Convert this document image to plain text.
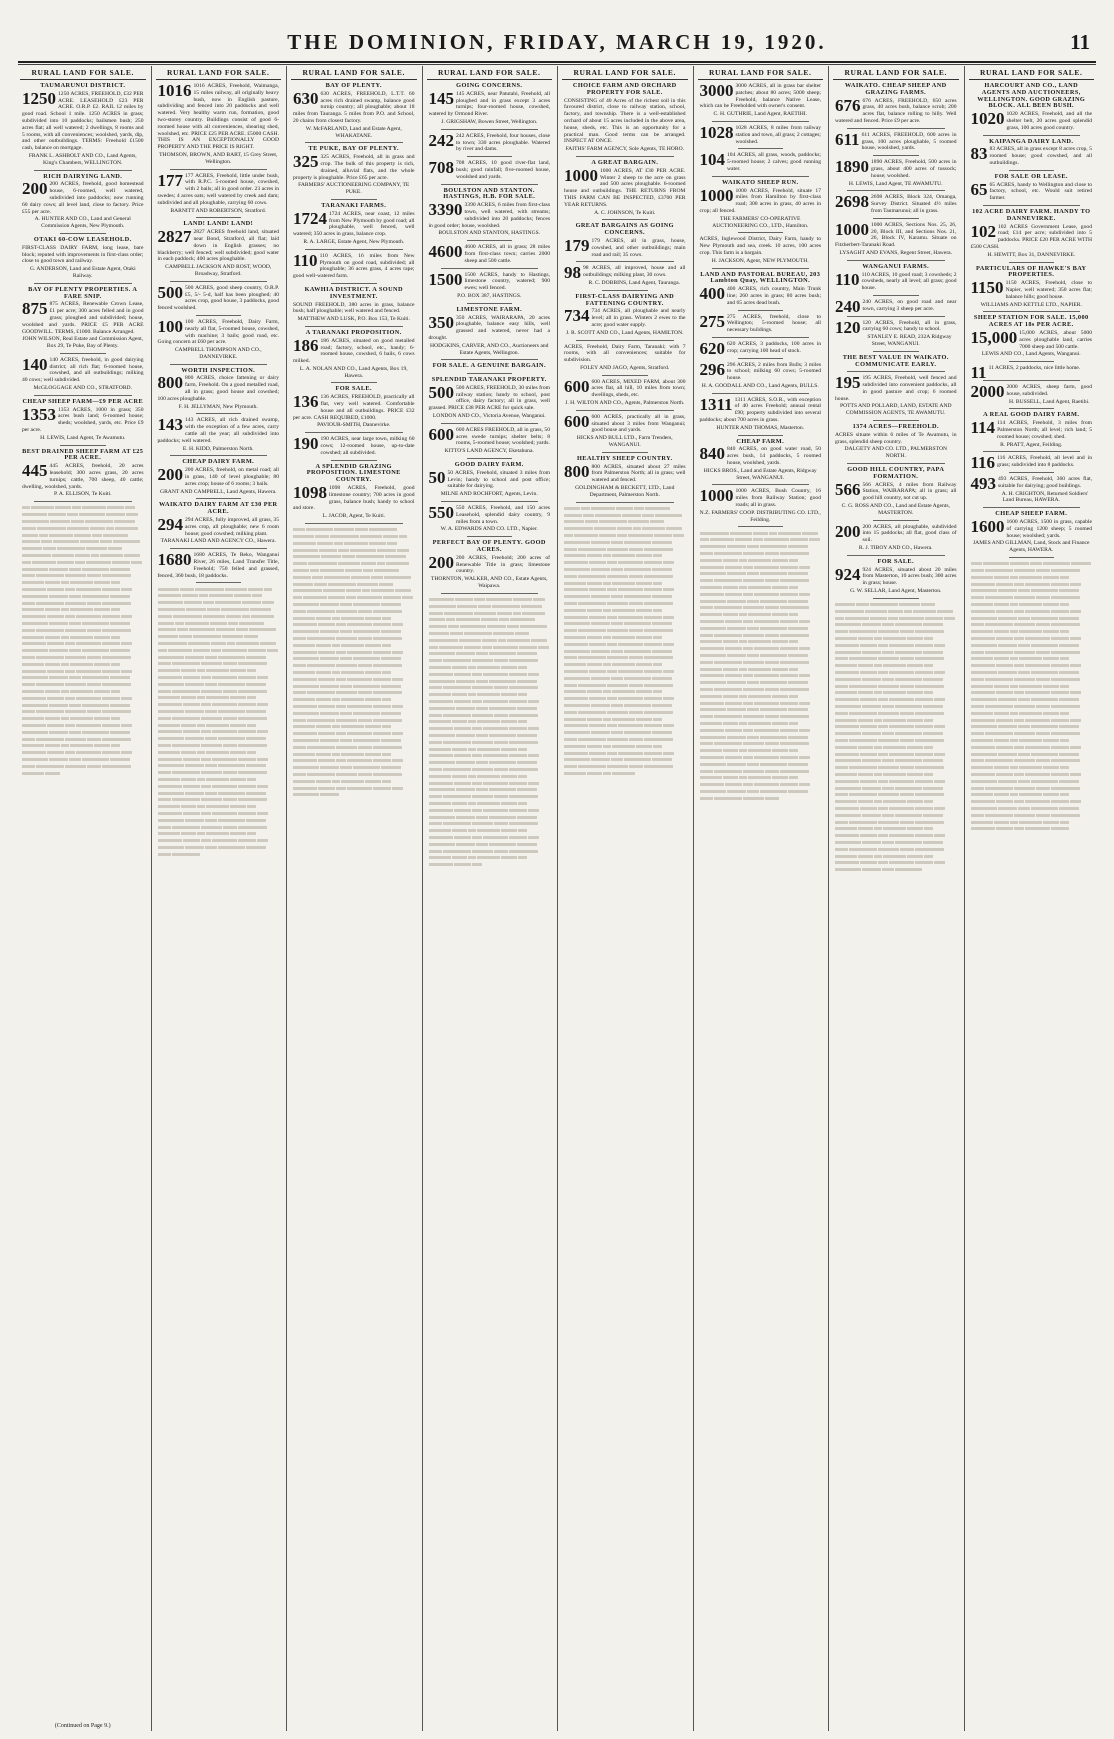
THE DOMINION, FRIDAY, MARCH 19, 1920.	11
RURAL LAND FOR SALE.
TAUMARUNUI DISTRICT.
1250 1250 ACRES, FREEHOLD, £32 PER ACRE. LEASEHOLD £23 PER ACRE. O.R.P. £2. RAIL 12 miles by good road. School 1 mile. 1250 ACRES in grass; subdivided into 10 paddocks; bailsmen bush; 250 acres flat; all well watered; 2 dwellings, 8 rooms and 5 rooms, with all conveniences; woolshed, yards, dip, and other outbuildings. TERMS: Freehold £1500 cash, balance on mortgage.
FRANK L. ASHBOLT AND CO., Land Agents, King's Chambers, WELLINGTON.
RICH DAIRYING LAND.
200 200 ACRES, freehold, good homestead house, 6-roomed, well watered, subdivided into paddocks; now running 60 dairy cows; all level land, close to factory. Price £55 per acre.
A. HUNTER AND CO., Land and General Commission Agents, New Plymouth.
OTAKI 60-COW LEASEHOLD.
FIRST-CLASS DAIRY FARM, long lease, bare block; reputed with improvements in first-class order; close to good town and railway.
G. ANDERSON, Land and Estate Agent, Otaki Railway.
BAY OF PLENTY PROPERTIES. A FARE SNIP.
875 875 ACRES, Renewable Crown Lease, £1 per acre; 300 acres felled and in good grass; ploughed and subdivided; house, woolshed and yards. PRICE £5 PER ACRE GOODWILL. TERMS, £1000. Balance Arranged.
JOHN WILSON, Real Estate and Commission Agent, Box 29, Te Puke, Bay of Plenty.
140 140 ACRES, freehold, in good dairying district; all rich flat; 6-roomed house, cowshed, and all outbuildings; milking 40 cows; well subdivided.
McGLOGGAGE AND CO., STRATFORD.
CHEAP SHEEP FARM—£9 PER ACRE
1353 1353 ACRES, 1000 in grass; 350 acres bush land; 6-roomed house; sheds; woolshed, yards, etc. Price £9 per acre.
H. LEWIS, Land Agent, Te Awamutu.
BEST DRAINED SHEEP FARM AT £25 PER ACRE.
445 445 ACRES, freehold, 20 acres leasehold; 300 acres grass, 20 acres turnips; cattle, 700 sheep, 40 cattle; dwelling, woolshed, yards.
P. A. ELLISON, Te Kuiti.
(Continued on Page 9.)
RURAL LAND FOR SALE.
1016 1016 ACRES, Freehold, Waimanga, 15 miles railway, all originally heavy bush, now in English pasture, subdividing and fenced into 20 paddocks and well watered. Very healthy warm run, formation, good two-storey country. Buildings consist of good 6-roomed house with all conveniences, shearing shed, woolshed, etc. PRICE £25 PER ACRE. £5000 CASH. THIS IS AN EXCEPTIONALLY GOOD PROPERTY AND THE PRICE IS RIGHT.
THOMSON, BROWN, AND BART, 15 Grey Street, Wellington.
177 177 ACRES, Freehold, little under bush, with R.P.C. 5-roomed house, cowshed, with 2 bails; all in good order. 23 acres in swedes; 4 acres oats; well watered by creek and dam; subdivided and all ploughable, carrying 60 cows.
BARNITT AND ROBERTSON, Stratford.
LAND! LAND! LAND!
2827 2827 ACRES freehold land, situated near Bond, Stratford, all flat; laid down in English grasses; no blackberry; well fenced; well subdivided; good water in each paddock; 400 acres ploughable.
CAMPBELL JACKSON AND ROST, WOOD, Broadway, Stratford.
500 500 ACRES, good sheep country, O.R.P. £5, 5/- 5-d, half has been ploughed; 40 acres crop, good house, 3 paddocks, good fenced woolshed.
100 100 ACRES, Freehold, Dairy Farm, nearly all flat, 5-roomed house, cowshed, with machine; 3 bails; good road, etc. Going concern at £60 per acre.
CAMPBELL THOMPSON AND CO., DANNEVIRKE.
WORTH INSPECTION.
800 800 ACRES, choice fattening or dairy farm, Freehold. On a good metalled road, all in grass; good house and cowshed; 100 acres ploughable.
F. H. JELLYMAN, New Plymouth.
143 143 ACRES, all rich drained swamp, with the exception of a few acres, carry cattle all the year; all subdivided into paddocks; well watered.
E. H. KIDD, Palmerston North.
CHEAP DAIRY FARM.
200 200 ACRES, freehold, on metal road; all in grass, 140 of level ploughable; 80 acres crop; house of 6 rooms; 3 bails.
GRANT AND CAMPBELL, Land Agents, Hawera.
WAIKATO DAIRY FARM AT £30 PER ACRE.
294 294 ACRES, fully improved, all grass, 35 acres crop, all ploughable; new 6 room house; good cowshed; milking plant.
TARANAKI LAND AND AGENCY CO., Hawera.
1680 1680 ACRES, Te Reko, Wanganui River, 26 miles, Land Transfer Title, Freehold; 750 felled and grassed, fenced, 360 bush, 18 paddocks.
RURAL LAND FOR SALE.
BAY OF PLENTY.
630 630 ACRES, FREEHOLD, L.T.T. 60 acres rich drained swamp, balance good turnip country; all ploughable; about 18 miles from Tauranga. 5 miles from P.O. and School, 20 chains from closest factory.
W. McFARLAND, Land and Estate Agent, WHAKATANE.
TE PUKE, BAY OF PLENTY.
325 325 ACRES, Freehold, all in grass and crop. The bulk of this property is rich, drained, alluvial flats, and the whole property is ploughable. Price £65 per acre.
FARMERS' AUCTIONEERING COMPANY, TE PUKE.
TARANAKI FARMS.
1724 1724 ACRES, near coast, 12 miles from New Plymouth by good road; all ploughable, well fenced, well watered; 350 acres in grass, balance crop.
R. A. LARGE, Estate Agent, New Plymouth.
110 110 ACRES, 16 miles from New Plymouth on good road, subdivided; all ploughable; 36 acres grass, 4 acres rape; good well-watered farm.
KAWHIA DISTRICT. A SOUND INVESTMENT.
SOUND FREEHOLD, 380 acres in grass, balance bush; half ploughable; well watered and fenced.
MATTHEW AND LUSK, P.O. Box 153, Te Kuiti.
A TARANAKI PROPOSITION.
186 186 ACRES, situated on good metalled road; factory, school, etc., handy; 6-roomed house, cowshed, 6 bails, 6 cows milked.
L. A. NOLAN AND CO., Land Agents, Box 19, Hawera.
FOR SALE.
136 136 ACRES, FREEHOLD, practically all flat, very well watered. Comfortable house and all outbuildings. PRICE £32 per acre. CASH REQUIRED, £1000.
PAVIOUR-SMITH, Dannevirke.
190 190 ACRES, near large town, milking 60 cows; 12-roomed house, up-to-date cowshed; all subdivided.
A SPLENDID GRAZING PROPOSITION. LIMESTONE COUNTRY.
1098 1098 ACRES, Freehold, good limestone country; 700 acres in good grass, balance bush; handy to school and store.
L. JACOB, Agent, Te Kuiti.
RURAL LAND FOR SALE.
GOING CONCERNS.
145 145 ACRES, near Patutahi, Freehold, all ploughed and in grass except 3 acres turnips; four-roomed house, cowshed, watered by Ormond River.
J. GRIGSHAW, Bowen Street, Wellington.
242 242 ACRES, Freehold, four houses, close to town; 330 acres ploughable. Watered by river and dams.
708 708 ACRES, 10 good river-flat land, bush; good rainfall; five-roomed house, woolshed and yards.
BOULSTON AND STANTON. HASTINGS, H.B. FOR SALE.
3390 3390 ACRES, 6 miles from first-class town, well watered, with streams; subdivided into 20 paddocks; fences in good order; house, woolshed.
BOULSTON AND STANTON, HASTINGS.
4600 4600 ACRES, all in grass; 28 miles from first-class town; carries 2000 sheep and 500 cattle.
1500 1500 ACRES, handy to Hastings, limestone country, watered; 900 ewes; well fenced.
P.O. BOX 387, HASTINGS.
LIMESTONE FARM.
350 350 ACRES, WAIRARAPA, 20 acres ploughable, balance easy hills, well grassed and watered, never had a drought.
HODGKINS, CARVER, AND CO., Auctioneers and Estate Agents, Wellington.
FOR SALE. A GENUINE BARGAIN.
SPLENDID TARANAKI PROPERTY.
500 500 ACRES, FREEHOLD, 30 miles from railway station; handy to school, post office, dairy factory; all in grass, well grassed. PRICE £38 PER ACRE for quick sale.
LONDON AND CO., Victoria Avenue, Wanganui.
600 600 ACRES FREEHOLD, all in grass, 50 acres swede turnips; shelter belts; 8 rooms, 5-roomed house; woolshed; yards.
KITTO'S LAND AGENCY, Eketahuna.
GOOD DAIRY FARM.
50 50 ACRES, Freehold, situated 3 miles from Levin; handy to school and post office; suitable for dairying.
MILNE AND ROCHFORT, Agents, Levin.
550 550 ACRES, Freehold, and 150 acres Leasehold, splendid dairy country, 9 miles from a town.
W. A. EDWARDS AND CO. LTD., Napier.
PERFECT BAY OF PLENTY. GOOD ACRES.
200 200 ACRES, Freehold; 200 acres of Renewable Title in grass; limestone country.
THORNTON, WALKER, AND CO., Estate Agents, Waipawa.
RURAL LAND FOR SALE.
CHOICE FARM AND ORCHARD PROPERTY FOR SALE.
CONSISTING of 40 Acres of the richest soil in this favoured district, close to railway station, school, factory, and township. There is a well-established orchard of about 15 acres included in the above area, house, sheds, etc. This is an opportunity for a practical man. Good terms can be arranged. INSPECT AT ONCE.
FAITHS' FARM AGENCY, Sole Agents, TE HORO.
A GREAT BARGAIN.
1000 1000 ACRES, AT £30 PER ACRE. Winter 2 sheep to the acre on grass and 500 acres ploughable. 6-roomed house and outbuildings. THE RETURNS FROM THIS FARM CAN BE INSPECTED, £3700 PER YEAR RETURNS.
A. C. JOHNSON, Te Kuiti.
GREAT BARGAINS AS GOING CONCERNS.
179 179 ACRES, all in grass, house, cowshed, and other outbuildings; main road and rail; 35 cows.
98 98 ACRES, all improved, house and all outbuildings; milking plant, 30 cows.
R. C. DOBBINS, Land Agent, Tauranga.
FIRST-CLASS DAIRYING AND FATTENING COUNTRY.
734 734 ACRES, all ploughable and nearly level; all in grass. Winters 2 ewes to the acre; good water supply.
J. R. SCOTT AND CO., Land Agents, HAMILTON.
ACRES, Freehold, Dairy Farm, Taranaki; with 7 rooms, with all conveniences; suitable for subdivision.
FOLEY AND JAGO, Agents, Stratford.
600 600 ACRES, MIXED FARM, about 300 acres flat, all hill, 10 miles from town; dwellings, sheds, etc.
J. H. WILTON AND CO., Agents, Palmerston North.
600 600 ACRES, practically all in grass, situated about 3 miles from Wanganui; good house and yards.
HICKS AND BULL LTD., Farm Trenders, WANGANUI.
HEALTHY SHEEP COUNTRY.
800 800 ACRES, situated about 27 miles from Palmerston North; all in grass; well watered and fenced.
GOLDINGHAM & BECKETT, LTD., Land Department, Palmerston North.
RURAL LAND FOR SALE.
3000 3000 ACRES, all in grass bar shelter patches; about 80 acres; 5000 sheep; Freehold, balance Native Lease, which can be Freeholded with owner's consent.
C. H. GUTHRIE, Land Agent, RAETIHI.
1028 1028 ACRES, 8 miles from railway station and town, all grass; 2 cottages; woolshed.
104 104 ACRES, all grass, woods, paddocks; 5-roomed house; 2 calves; good running water.
WAIKATO SHEEP RUN.
1000 1000 ACRES, Freehold, situate 17 miles from Hamilton by first-class road; 300 acres in grass, 40 acres in crop; all fenced.
THE FARMERS' CO-OPERATIVE AUCTIONEERING CO., LTD., Hamilton.
ACRES, Inglewood District, Dairy Farm, handy to New Plymouth and sea, creek. 10 acres, 100 acres crop. This farm is a bargain.
H. JACKSON, Agent, NEW PLYMOUTH.
LAND AND PASTORAL BUREAU, 203 Lambton Quay, WELLINGTON.
400 400 ACRES, rich country, Main Trunk line; 260 acres in grass; 80 acres bush; and 65 acres dead bush.
275 275 ACRES, freehold, close to Wellington; 5-roomed house; all necessary buildings.
620 620 ACRES, 3 paddocks, 100 acres in crop; carrying 100 head of stock.
296 296 ACRES, 2 miles from Bulls; 3 miles to school; milking 60 cows; 5-roomed house.
H. A. GOODALL AND CO., Land Agents, BULLS.
1311 1311 ACRES, S.O.R., with exception of 40 acres Freehold; annual rental £90; property subdivided into several paddocks; about 700 acres in grass.
HUNTER AND THOMAS, Masterton.
CHEAP FARM.
840 840 ACRES, on good water road, 50 acres bush, 14 paddocks, 5 roomed house, woolshed, yards.
HICKS BROS., Land and Estate Agents, Ridgway Street, WANGANUI.
1000 1000 ACRES, Bush Country, 16 miles from Railway Station; good roads; all in grass.
N.Z. FARMERS' COOP. DISTRIBUTING CO. LTD., Feilding.
RURAL LAND FOR SALE.
WAIKATO. CHEAP SHEEP AND GRAZING FARMS.
676 676 ACRES, FREEHOLD, 650 acres grass, 40 acres bush, balance scrub; 200 acres flat, balance rolling to hilly. Well watered and fenced. Price £9 per acre.
611 611 ACRES, FREEHOLD, 600 acres in grass, 100 acres ploughable, 5 roomed house, woolshed, yards.
1890 1890 ACRES, Freehold, 500 acres in grass, about 400 acres of tussock; house; woolshed.
H. LEWIS, Land Agent, TE AWAMUTU.
2698 2698 ACRES, Block 324, Omanga, Survey District. Situated 4½ miles from Taumarunui; all in grass.
1000 1000 ACRES, Sections Nos. 25, 26, 20, Block III, and Sections Nos. 21, 26, Block IV, Karamu. Situate on Fitzherbert-Taranaki Road.
LYSAGHT AND EVANS, Regent Street, Hawera.
WANGANUI FARMS.
110 110 ACRES, 10 good road; 3 cowsheds; 2 cowsheds, nearly all level; all grass; good house.
240 240 ACRES, on good road and near town, carrying 3 sheep per acre.
120 120 ACRES, Freehold, all in grass, carrying 60 cows; handy to school.
STANLEY E. READ, 232A Ridgway Street, WANGANUI.
THE BEST VALUE IN WAIKATO. COMMUNICATE EARLY.
195 195 ACRES, Freehold, well fenced and subdivided into convenient paddocks, all in good pasture and crop; 6 roomed house.
POTTS AND POLLARD, LAND, ESTATE AND COMMISSION AGENTS, TE AWAMUTU.
1374 ACRES—FREEHOLD.
ACRES situate within 6 miles of Te Awamutu, in grass, splendid sheep country.
DALGETY AND CO. LTD., PALMERSTON NORTH.
GOOD HILL COUNTRY, PAPA FORMATION.
566 566 ACRES, 4 miles from Railway Station, WAIRARAPA; all in grass; all good hill country, not cut up.
C. G. ROSS AND CO., Land and Estate Agents, MASTERTON.
200 200 ACRES, all ploughable, subdivided into 15 paddocks; all flat, good class of soil.
R. J. TIBOY AND CO., Hawera.
FOR SALE.
924 924 ACRES, situated about 20 miles from Masterton, 10 acres bush; 300 acres in grass; house.
G. W. SELLAR, Land Agent, Masterton.
RURAL LAND FOR SALE.
HARCOURT AND CO., LAND AGENTS AND AUCTIONEERS, WELLINGTON. GOOD GRAZING BLOCK. ALL BEEN BUSH.
1020 1020 ACRES, Freehold, and all the shelter belt, 20 acres good splendid grass, 100 acres good country.
KAIPANGA DAIRY LAND.
83 83 ACRES, all in grass except 8 acres crop, 5 roomed house; good cowshed, and all outbuildings.
FOR SALE OR LEASE.
65 65 ACRES, handy to Wellington and close to factory, school, etc. Would suit retired farmer.
102 ACRE DAIRY FARM. HANDY TO DANNEVIRKE.
102 102 ACRES Government Lease, good road; £14 per acre; subdivided into 5 paddocks. PRICE £20 PER ACRE WITH £500 CASH.
H. HEWITT, Box 31, DANNEVIRKE.
PARTICULARS OF HAWKE'S BAY PROPERTIES.
1150 1150 ACRES, Freehold, close to Napier, well watered; 350 acres flat; balance hills; good house.
WILLIAMS AND KETTLE LTD., NAPIER.
SHEEP STATION FOR SALE. 15,000 ACRES AT 18s PER ACRE.
15,000 15,000 ACRES, about 5000 acres ploughable land, carries 7000 sheep and 500 cattle.
LEWIS AND CO., Land Agents, Wanganui.
11 11 ACRES, 2 paddocks, nice little home.
2000 2000 ACRES, sheep farm, good house, subdivided.
H. BUSSELL, Land Agent, Raetihi.
A REAL GOOD DAIRY FARM.
114 114 ACRES, Freehold, 3 miles from Palmerston North; all level; rich land; 5 roomed house; cowshed; shed.
R. PRATT, Agent, Feilding.
116 116 ACRES, Freehold, all level and in grass; subdivided into 8 paddocks.
493 493 ACRES, Freehold, 360 acres flat, suitable for dairying; good buildings.
A. H. CRIGHTON, Returned Soldiers' Land Bureau, HAWERA.
CHEAP SHEEP FARM.
1600 1600 ACRES, 1500 in grass, capable of carrying 1200 sheep; 5 roomed house; woolshed; yards.
JAMES AND GILLMAN, Land, Stock and Finance Agents, HAWERA.
